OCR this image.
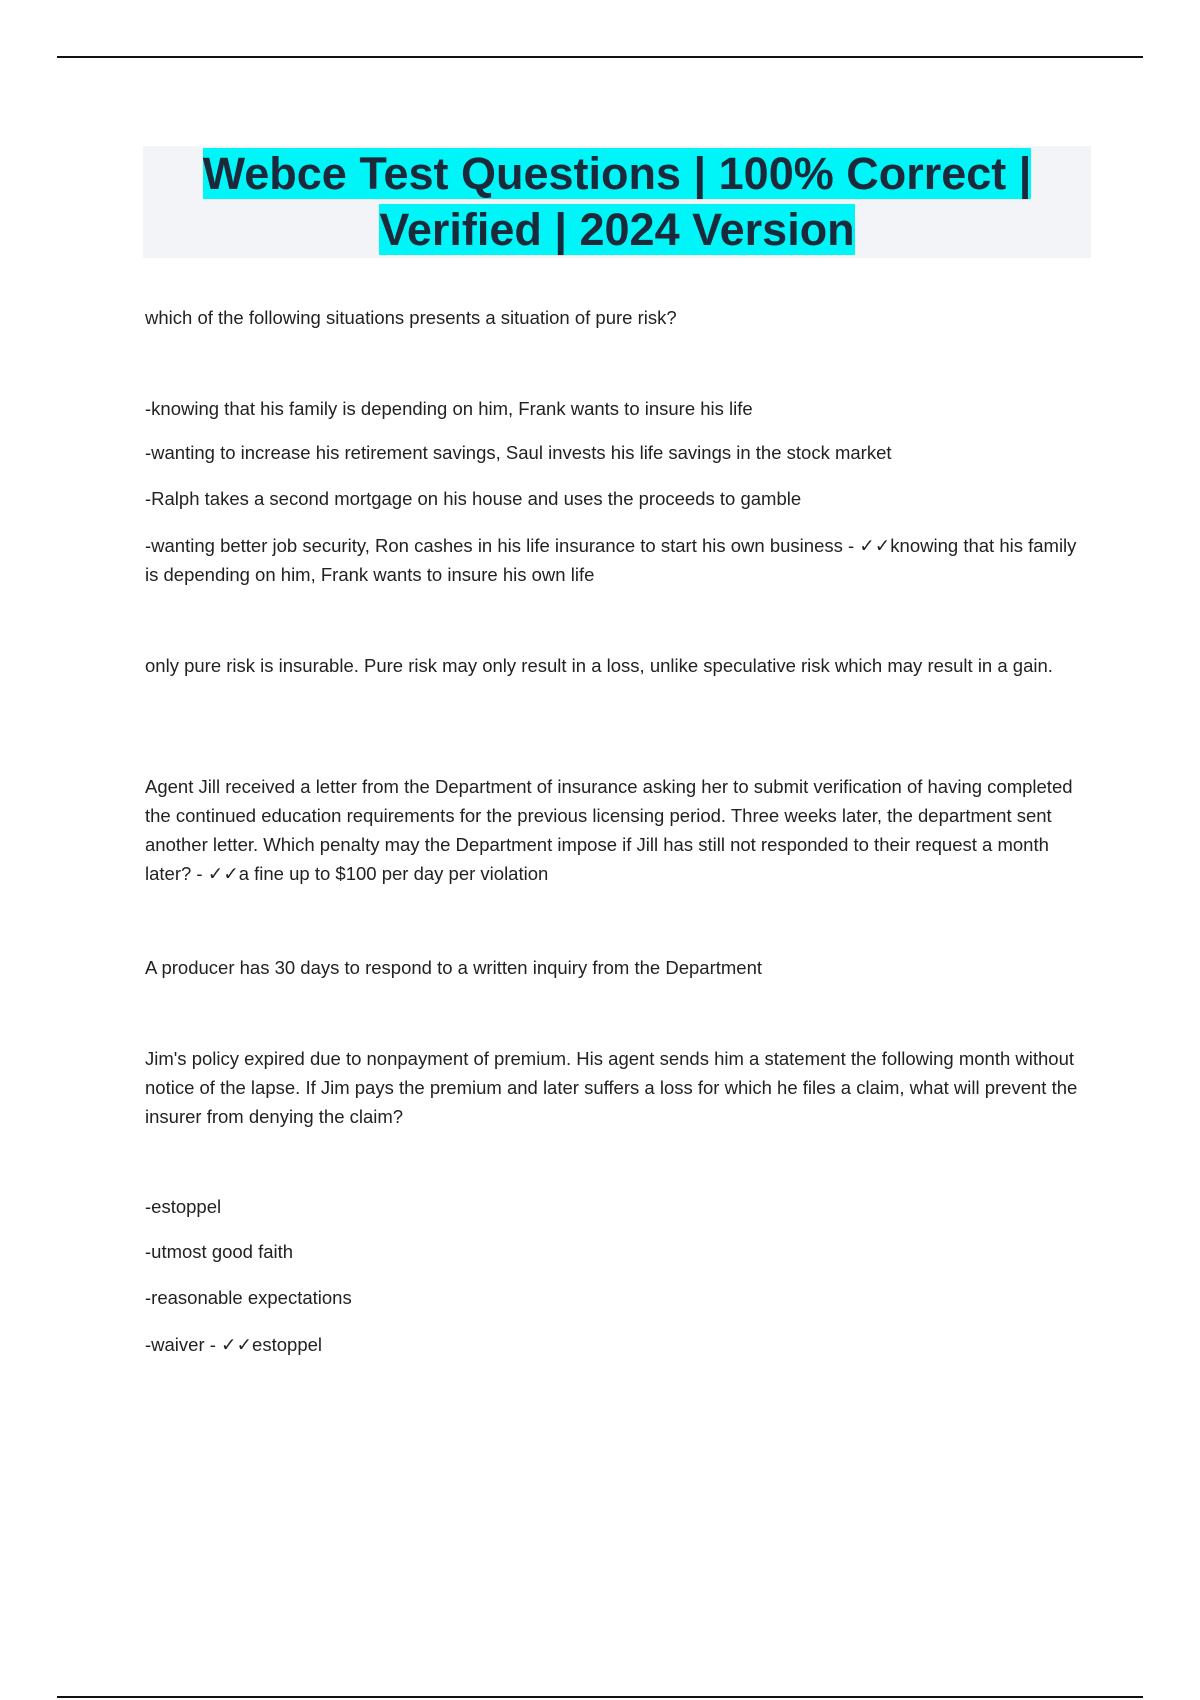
Webce Test Questions | 100% Correct |
Verified | 2024 Version

which of the following situations presents a situation of pure risk?

-knowing that his family is depending on him, Frank wants to insure his life

-wanting to increase his retirement savings, Saul invests his life savings in the stock market

-Ralph takes a second mortgage on his house and uses the proceeds to gamble

-wanting better job security, Ron cashes in his life insurance to start his own business - ✓✓knowing that his family is depending on him, Frank wants to insure his own life

only pure risk is insurable. Pure risk may only result in a loss, unlike speculative risk which may result in a gain.

Agent Jill received a letter from the Department of insurance asking her to submit verification of having completed the continued education requirements for the previous licensing period. Three weeks later, the department sent another letter. Which penalty may the Department impose if Jill has still not responded to their request a month later? - ✓✓a fine up to $100 per day per violation

A producer has 30 days to respond to a written inquiry from the Department

Jim's policy expired due to nonpayment of premium. His agent sends him a statement the following month without notice of the lapse. If Jim pays the premium and later suffers a loss for which he files a claim, what will prevent the insurer from denying the claim?

-estoppel

-utmost good faith

-reasonable expectations

-waiver - ✓✓estoppel
